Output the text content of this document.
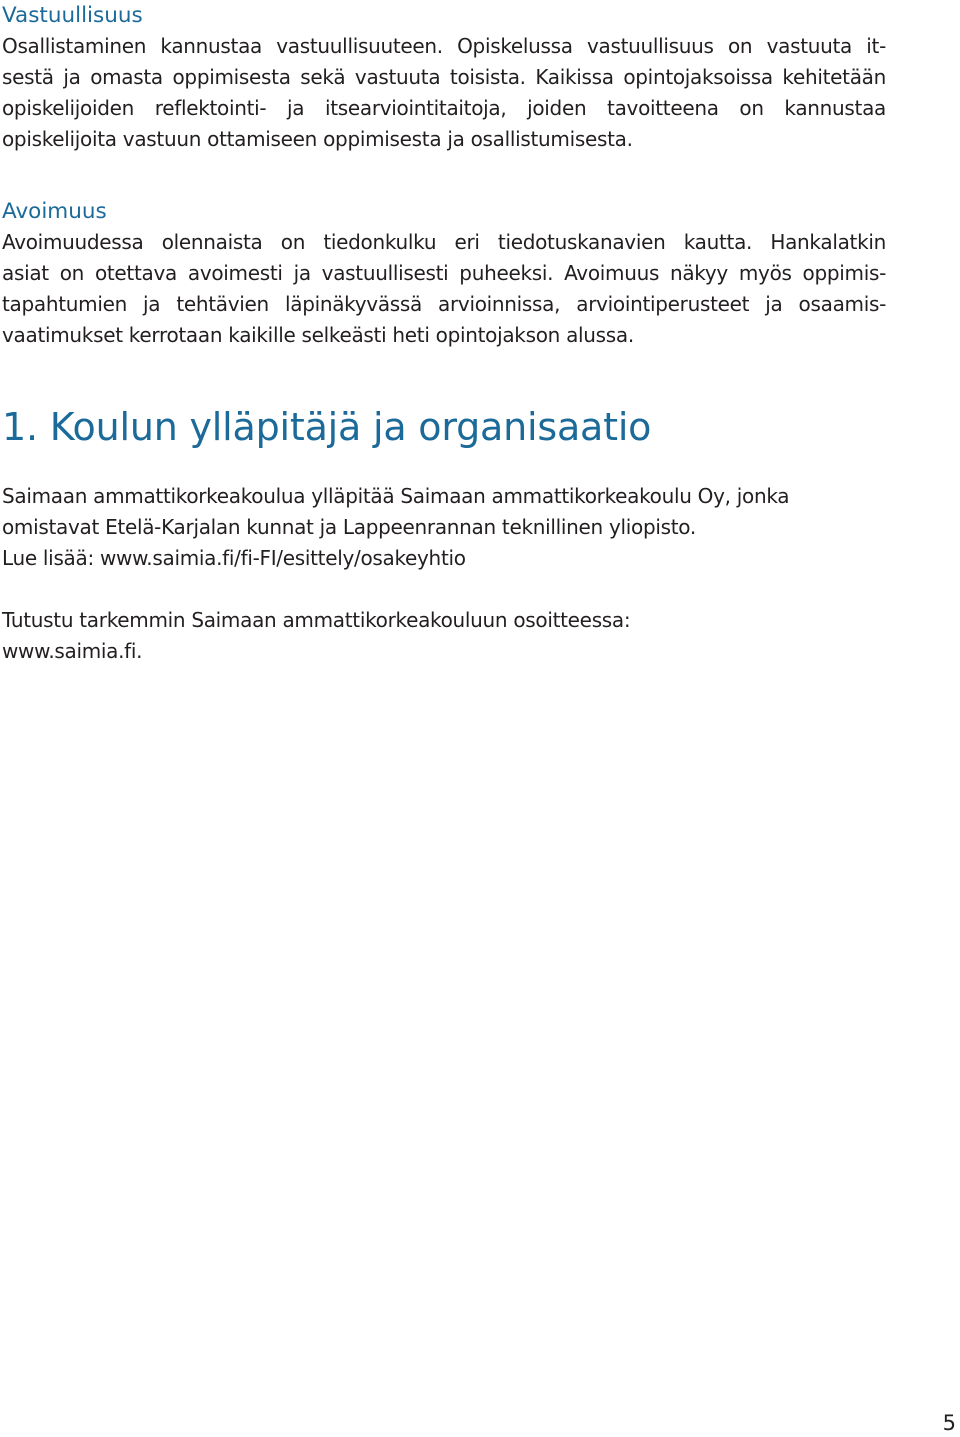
Vastuullisuus
Osallistaminen kannustaa vastuullisuuteen. Opiskelussa vastuullisuus on vastuuta it-
sestä ja omasta oppimisesta sekä vastuuta toisista. Kaikissa opintojaksoissa kehitetään
opiskelijoiden reflektointi- ja itsearviointitaitoja, joiden tavoitteena on kannustaa
opiskelijoita vastuun ottamiseen oppimisesta ja osallistumisesta.
Avoimuus
Avoimuudessa olennaista on tiedonkulku eri tiedotuskanavien kautta. Hankalatkin
asiat on otettava avoimesti ja vastuullisesti puheeksi. Avoimuus näkyy myös oppimis-
tapahtumien ja tehtävien läpinäkyvässä arvioinnissa, arviointiperusteet ja osaamis-
vaatimukset kerrotaan kaikille selkeästi heti opintojakson alussa.
1. Koulun ylläpitäjä ja organisaatio
Saimaan ammattikorkeakoulua ylläpitää Saimaan ammattikorkeakoulu Oy, jonka
omistavat Etelä-Karjalan kunnat ja Lappeenrannan teknillinen yliopisto.
Lue lisää: www.saimia.fi/fi-FI/esittely/osakeyhtio
Tutustu tarkemmin Saimaan ammattikorkeakouluun osoitteessa:
www.saimia.fi.
5
